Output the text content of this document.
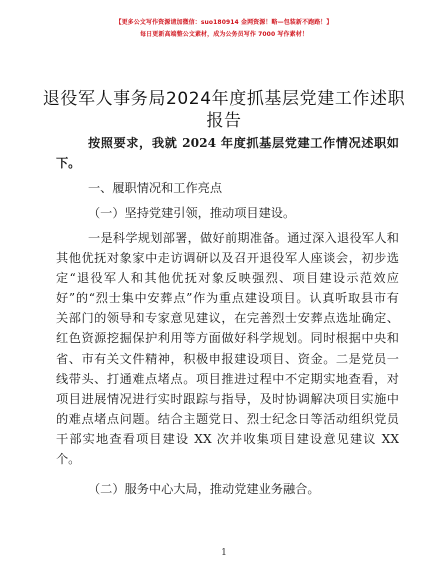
【更多公文写作资源请加微信：suo180914 金网资源！略—包装新不跑路！】
每日更新高端整公文素材，成为公务员写作 7000 写作素材！
退役军人事务局2024年度抓基层党建工作述职
报告
按照要求，我就 2024 年度抓基层党建工作情况述职如
下。
一、履职情况和工作亮点
（一）坚持党建引领，推动项目建设。
一是科学规划部署，做好前期准备。通过深入退役军人和
其他优抚对象家中走访调研以及召开退役军人座谈会，初步选
定“退役军人和其他优抚对象反映强烈、项目建设示范效应
好”的“烈士集中安葬点”作为重点建设项目。认真听取县市有
关部门的领导和专家意见建议，在完善烈士安葬点选址确定、
红色资源挖掘保护利用等方面做好科学规划。同时根据中央和
省、市有关文件精神，积极申报建设项目、资金。二是党员一
线带头、打通难点堵点。项目推进过程中不定期实地查看，对
项目进展情况进行实时跟踪与指导，及时协调解决项目实施中
的难点堵点问题。结合主题党日、烈士纪念日等活动组织党员
干部实地查看项目建设 XX 次并收集项目建设意见建议 XX
个。
（二）服务中心大局，推动党建业务融合。
1
